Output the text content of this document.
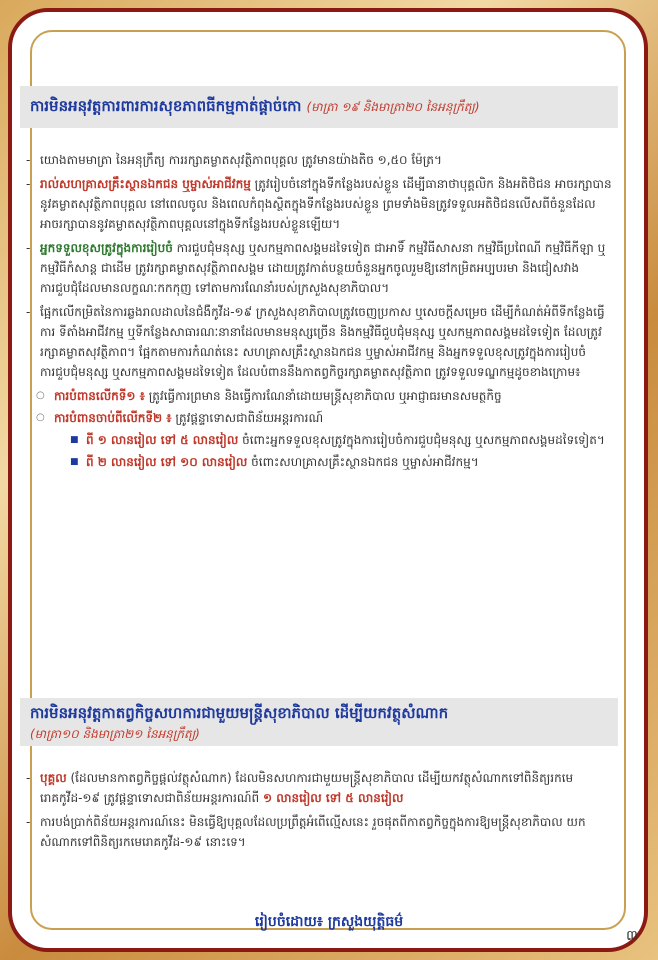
ការមិនអនុវត្តការពារការសុខភាពធីកម្មកាត់ផ្តាច់កោ (មាត្រា ១៩ និងមាត្រា២០ នៃអនុក្រឹត្យ)
- យោងតាមមាត្រា នៃអនុក្រឹត្យ ការរក្សាគម្លាតសុវត្ថិភាពបុគ្គល ត្រូវមានយ៉ាងតិច ១,៥០ ម៉ែត្រ។
- រាល់សហគ្រាសគ្រឹះស្ថានឯកជន ឬម្ចាស់អាជីវកម្ម ត្រូវរៀបចំនៅក្នុងទីកន្លែងរបស់ខ្លួន ដើម្បីធានាថាបុគ្គលិក និងអតិថិជន អាចរក្សាបាននូវគម្លាតសុវត្ថិភាពបុគ្គល នៅពេលចូល និងពេលកំពុងស្ថិតក្នុងទីកន្លែងរបស់ខ្លួន ព្រមទាំងមិនត្រូវទទួលអតិថិជនលើសពីចំនួនដែលអាចរក្សាបាននូវគម្លាតសុវត្ថិភាពបុគ្គលនៅក្នុងទីកន្លែងរបស់ខ្លួនឡើយ។
- អ្នកទទួលខុសត្រូវក្នុងការរៀបចំ ការជួបជុំមនុស្ស ឬសកម្មភាពសង្គមដទៃទៀត ជាអាទិ៍ កម្មវិធីសាសនា កម្មវិធីប្រពៃណី កម្មវិធីកីឡា ឬកម្មវិធីកំសាន្ត ជាដើម ត្រូវរក្សាគម្លាតសុវត្ថិភាពសង្គម ដោយត្រូវកាត់បន្ថយចំនួនអ្នកចូលរួមឱ្យនៅកម្រិតអប្បបរមា និងជៀសវាងការជួបជុំដែលមានលក្ខណៈកកកុញ ទៅតាមការណែនាំរបស់ក្រសួងសុខាភិបាល។
- ផ្អែកលើកម្រិតនៃការឆ្លងរាលដាលនៃជំងឺកូវីដ-១៩ ក្រសួងសុខាភិបាលត្រូវចេញប្រកាស ឬសេចក្តីសម្រេច ដើម្បីកំណត់អំពីទីកន្លែងធ្វើការ ទីតាំងអាជីវកម្ម ឬទីកន្លែងសាធារណៈនានាដែលមានមនុស្សច្រើន និងកម្មវិធីជួបជុំមនុស្ស ឬសកម្មភាពសង្គមដទៃទៀត ដែលត្រូវរក្សាគម្លាតសុវត្ថិភាព។ ផ្អែកតាមការកំណត់នេះ សហគ្រាសគ្រឹះស្ថានឯកជន ឬម្ចាស់អាជីវកម្ម និងអ្នកទទួលខុសត្រូវក្នុងការរៀបចំការជួបជុំមនុស្ស ឬសកម្មភាពសង្គមដទៃទៀត ដែលបំពាននឹងកាតព្វកិច្ចរក្សាគម្លាតសុវត្ថិភាព ត្រូវទទួលទណ្ឌកម្មដូចខាងក្រោម៖
○ ការបំពានលើកទី១ ៖ ត្រូវធ្វើការព្រមាន និងធ្វើការណែនាំដោយមន្ត្រីសុខាភិបាល ឬអាជ្ញាធរមានសមត្ថកិច្ច
○ ការបំពានចាប់ពីលើកទី២ ៖ ត្រូវផ្តន្ទាទោសជាពិន័យអន្តរការណ៍
■ ពី ១ លានរៀល ទៅ ៥ លានរៀល ចំពោះអ្នកទទួលខុសត្រូវក្នុងការរៀបចំការជួបជុំមនុស្ស ឬសកម្មភាពសង្គមដទៃទៀត។
■ ពី ២ លានរៀល ទៅ ១០ លានរៀល ចំពោះសហគ្រាសគ្រឹះស្ថានឯកជន ឬម្ចាស់អាជីវកម្ម។
ការមិនអនុវត្តកាតព្វកិច្ចសហការជាមួយមន្ត្រីសុខាភិបាល ដើម្បីយកវត្ថុសំណាក
(មាត្រា១០ និងមាត្រា២១ នៃអនុក្រឹត្យ)
- បុគ្គល (ដែលមានកាតព្វកិច្ចផ្តល់វត្ថុសំណាក) ដែលមិនសហការជាមួយមន្ត្រីសុខាភិបាល ដើម្បីយកវត្ថុសំណាកទៅពិនិត្យរកមេរោគកូវីដ-១៩ ត្រូវផ្តន្ទាទោសជាពិន័យអន្តរការណ៍ពី ១ លានរៀល ទៅ ៥ លានរៀល
- ការបង់ប្រាក់ពិន័យអន្តរការណ៍នេះ មិនធ្វើឱ្យបុគ្គលដែលប្រព្រឹត្តអំពើល្មើសនេះ រួចផុតពីកាតព្វកិច្ចក្នុងការឱ្យមន្ត្រីសុខាភិបាល យកសំណាកទៅពិនិត្យរកមេរោគកូវីដ-១៩ នោះទេ។
រៀបចំដោយ៖ ក្រសួងយុត្តិធម៌
៣
